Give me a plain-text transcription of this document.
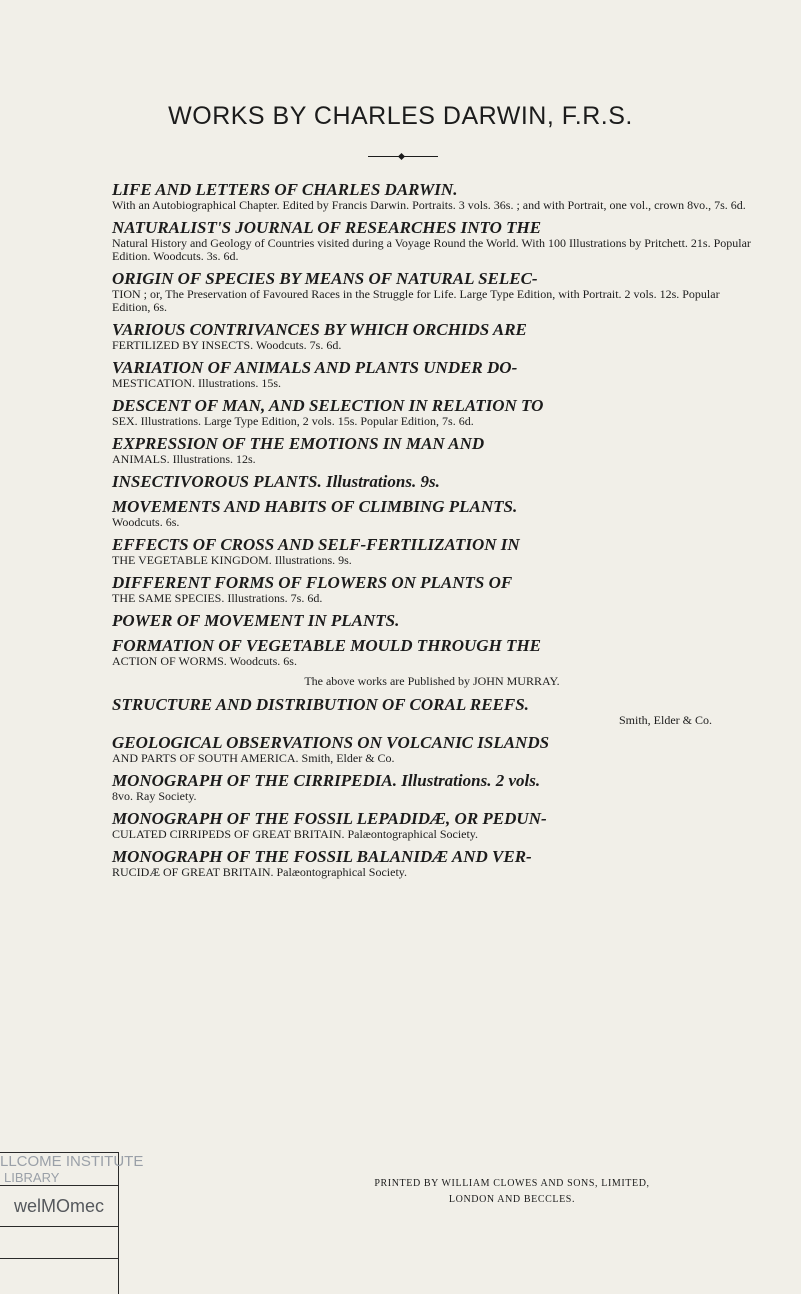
WORKS BY CHARLES DARWIN, F.R.S.
LIFE AND LETTERS OF CHARLES DARWIN.
With an Autobiographical Chapter. Edited by Francis Darwin. Portraits. 3 vols. 36s. ; and with Portrait, one vol., crown 8vo., 7s. 6d.
NATURALIST'S JOURNAL OF RESEARCHES INTO THE
Natural History and Geology of Countries visited during a Voyage Round the World. With 100 Illustrations by Pritchett. 21s. Popular Edition. Woodcuts. 3s. 6d.
ORIGIN OF SPECIES BY MEANS OF NATURAL SELEC-
TION ; or, The Preservation of Favoured Races in the Struggle for Life. Large Type Edition, with Portrait. 2 vols. 12s. Popular Edition, 6s.
VARIOUS CONTRIVANCES BY WHICH ORCHIDS ARE
FERTILIZED BY INSECTS. Woodcuts. 7s. 6d.
VARIATION OF ANIMALS AND PLANTS UNDER DO-
MESTICATION. Illustrations. 15s.
DESCENT OF MAN, AND SELECTION IN RELATION TO
SEX. Illustrations. Large Type Edition, 2 vols. 15s. Popular Edition, 7s. 6d.
EXPRESSION OF THE EMOTIONS IN MAN AND
ANIMALS. Illustrations. 12s.
INSECTIVOROUS PLANTS. Illustrations. 9s.
MOVEMENTS AND HABITS OF CLIMBING PLANTS.
Woodcuts. 6s.
EFFECTS OF CROSS AND SELF-FERTILIZATION IN
THE VEGETABLE KINGDOM. Illustrations. 9s.
DIFFERENT FORMS OF FLOWERS ON PLANTS OF
THE SAME SPECIES. Illustrations. 7s. 6d.
POWER OF MOVEMENT IN PLANTS.
FORMATION OF VEGETABLE MOULD THROUGH THE
ACTION OF WORMS. Woodcuts. 6s.
The above works are Published by JOHN MURRAY.
STRUCTURE AND DISTRIBUTION OF CORAL REEFS.
Smith, Elder & Co.
GEOLOGICAL OBSERVATIONS ON VOLCANIC ISLANDS
AND PARTS OF SOUTH AMERICA. Smith, Elder & Co.
MONOGRAPH OF THE CIRRIPEDIA. Illustrations. 2 vols.
8vo. Ray Society.
MONOGRAPH OF THE FOSSIL LEPADIDÆ, OR PEDUN-
CULATED CIRRIPEDS OF GREAT BRITAIN. Palæontographical Society.
MONOGRAPH OF THE FOSSIL BALANIDÆ AND VER-
RUCIDÆ OF GREAT BRITAIN. Palæontographical Society.
PRINTED BY WILLIAM CLOWES AND SONS, LIMITED,
LONDON AND BECCLES.
LLCOME INSTITUTE
LIBRARY
welMOmec
